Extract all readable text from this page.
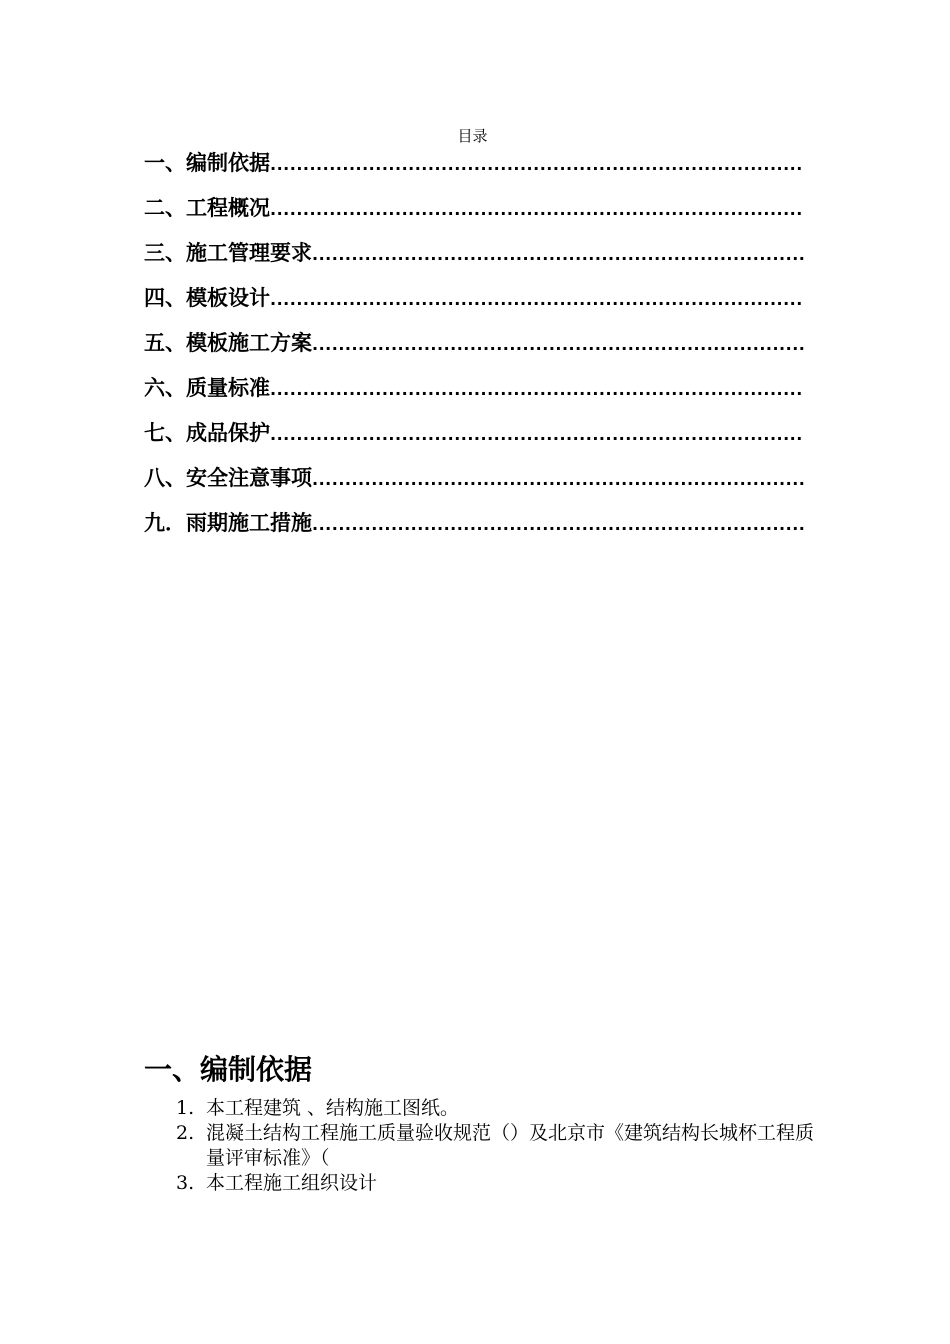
目录
一、 编制依据
.....
二、 工程概况
.....
三、 施工管理要求
.....
四、 模板设计
.....
五、 模板施工方案
.....
六、 质量标准
.....
七、 成品保护
.....
八、 安全注意事项
.....
九． 雨期施工措施
.....
一、编制依据
1. 本工程建筑 、结构施工图纸。
2. 混凝土结构工程施工质量验收规范（）及北京市《建筑结构长城杯工程质量评审标准》（
3. 本工程施工组织设计
